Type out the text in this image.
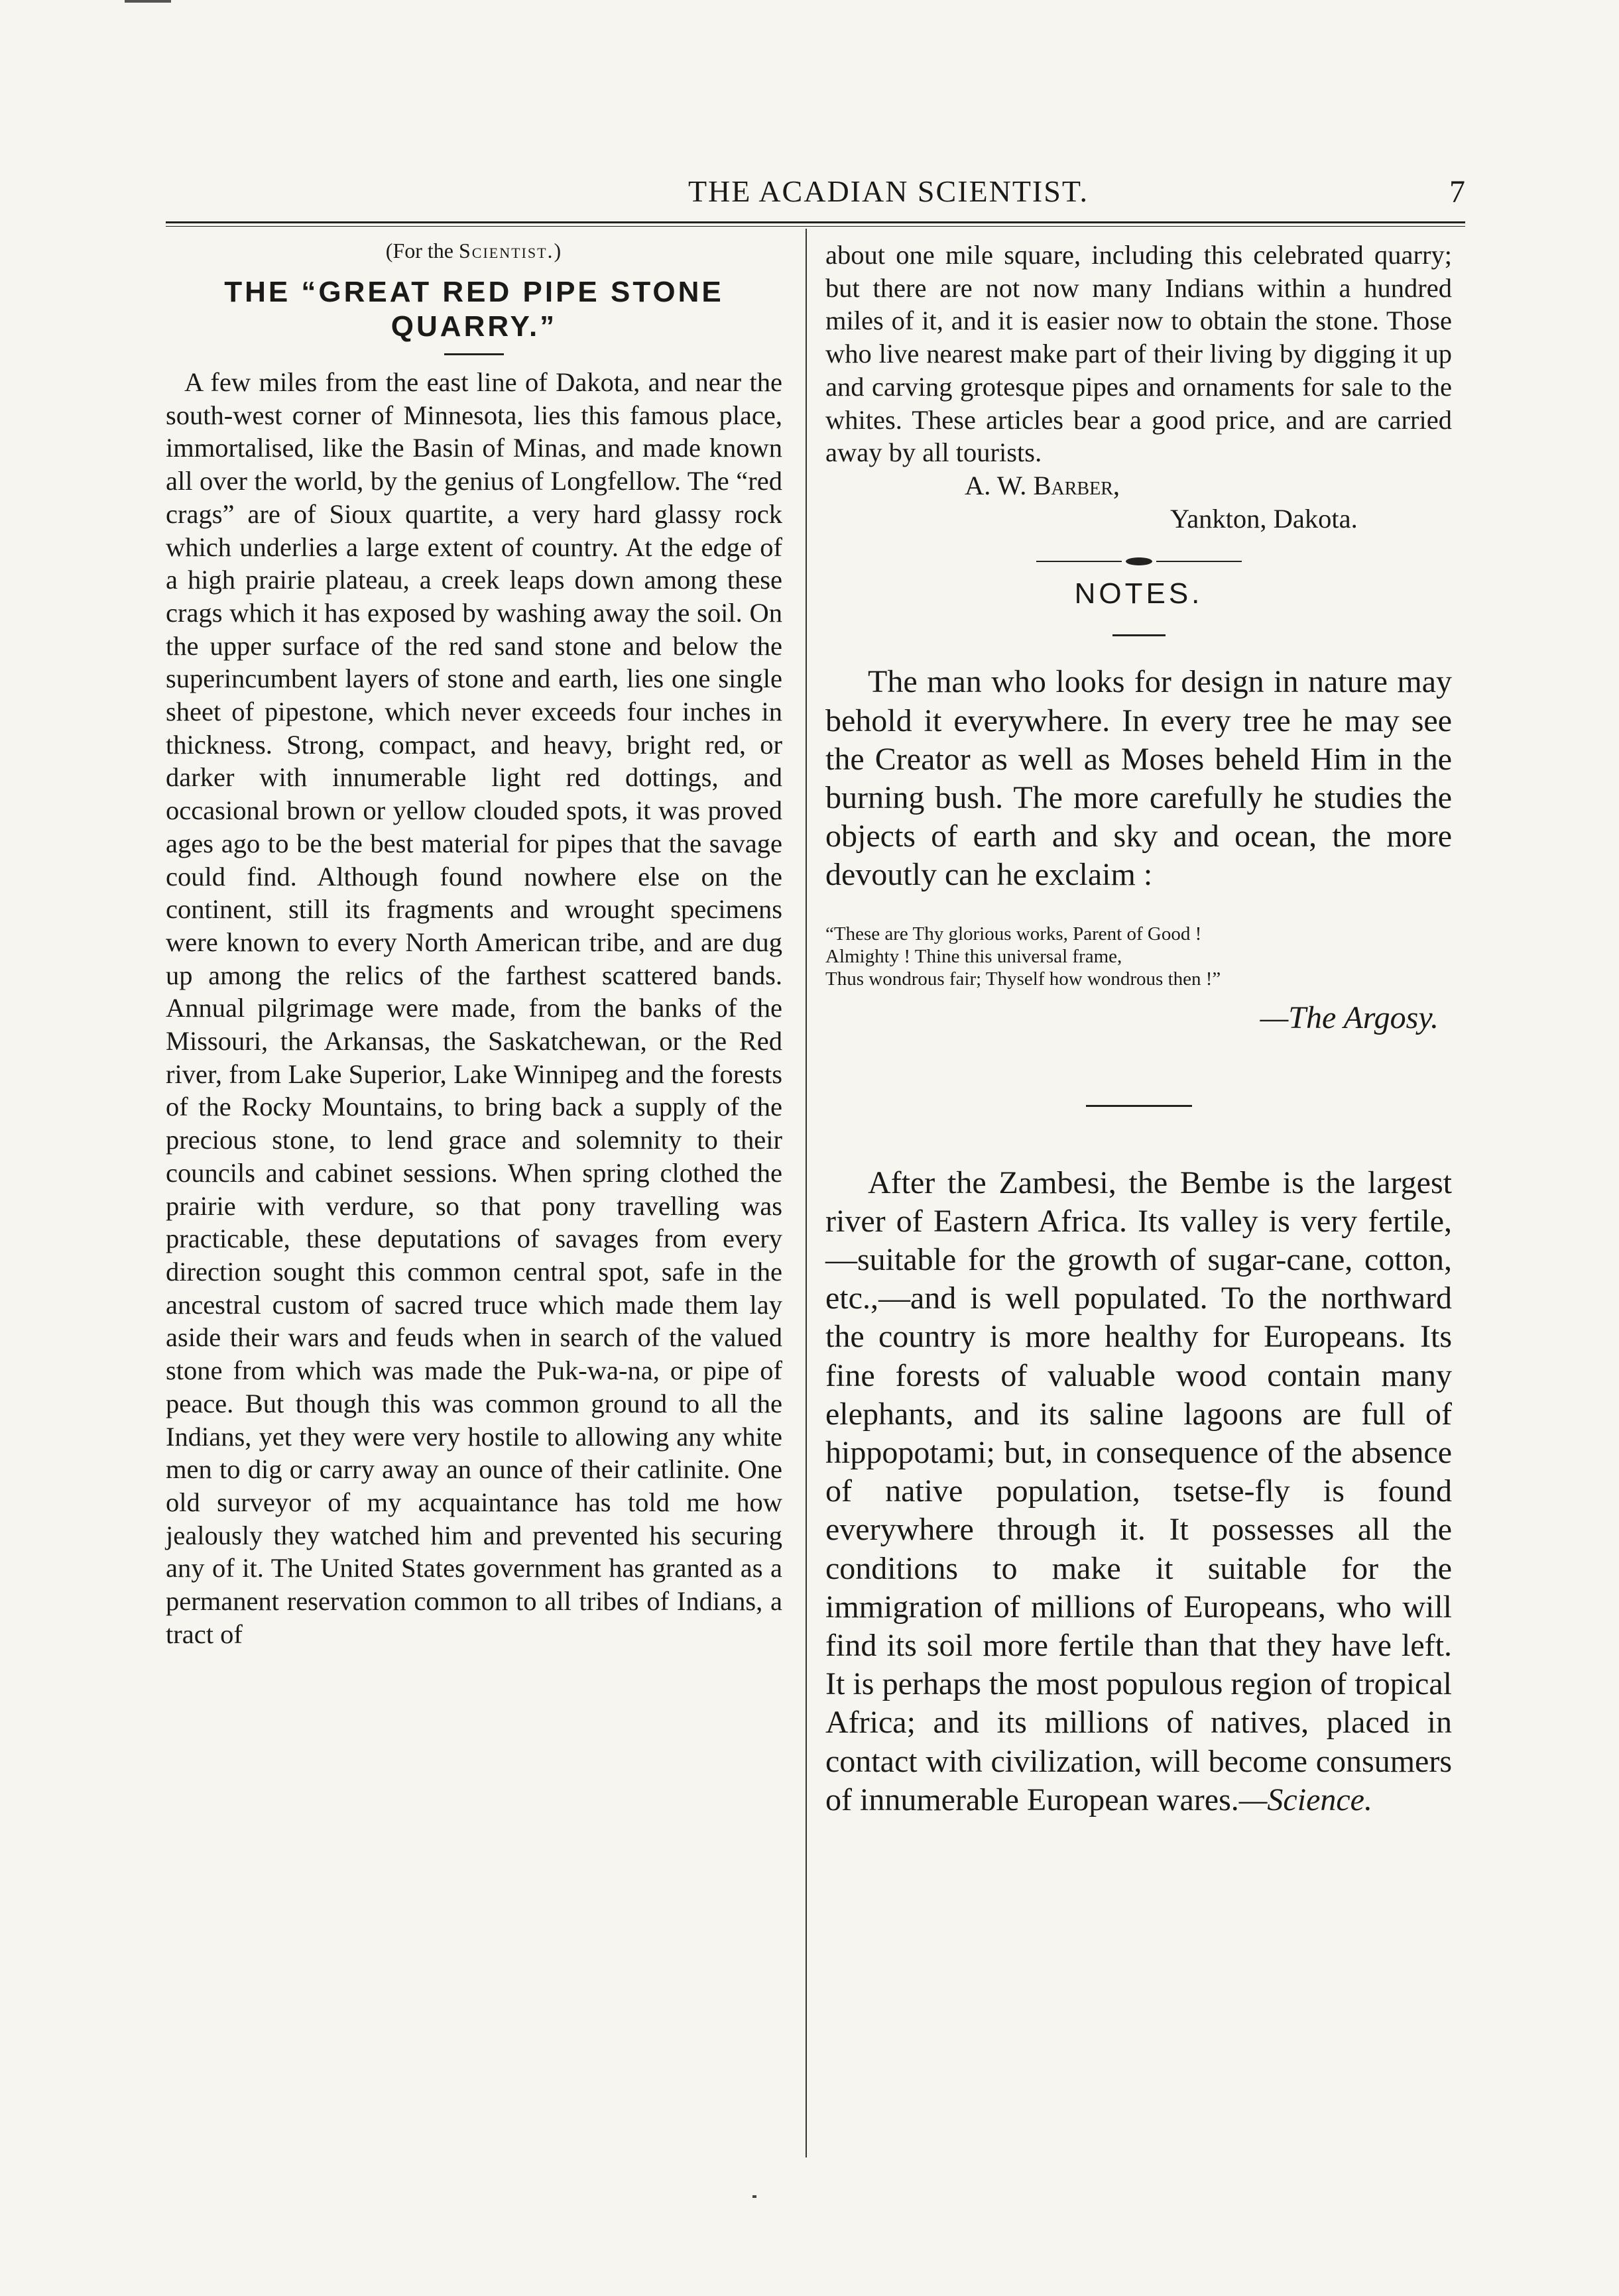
THE ACADIAN SCIENTIST.	7
(For the Scientist.)
THE “GREAT RED PIPE STONE
QUARRY.”

A few miles from the east line of Dakota, and near the south-west corner of Minnesota, lies this famous place, immortalised, like the Basin of Minas, and made known all over the world, by the genius of Longfellow. The “red crags” are of Sioux quartite, a very hard glassy rock which underlies a large extent of country. At the edge of a high prairie plateau, a creek leaps down among these crags which it has exposed by washing away the soil. On the upper surface of the red sand stone and below the superincumbent layers of stone and earth, lies one single sheet of pipestone, which never exceeds four inches in thickness. Strong, compact, and heavy, bright red, or darker with innumerable light red dottings, and occasional brown or yellow clouded spots, it was proved ages ago to be the best material for pipes that the savage could find. Although found nowhere else on the continent, still its fragments and wrought specimens were known to every North American tribe, and are dug up among the relics of the farthest scattered bands. Annual pilgrimage were made, from the banks of the Missouri, the Arkansas, the Saskatchewan, or the Red river, from Lake Superior, Lake Winnipeg and the forests of the Rocky Mountains, to bring back a supply of the precious stone, to lend grace and solemnity to their councils and cabinet sessions. When spring clothed the prairie with verdure, so that pony travelling was practicable, these deputations of savages from every direction sought this common central spot, safe in the ancestral custom of sacred truce which made them lay aside their wars and feuds when in search of the valued stone from which was made the Puk-wa-na, or pipe of peace. But though this was common ground to all the Indians, yet they were very hostile to allowing any white men to dig or carry away an ounce of their catlinite. One old surveyor of my acquaintance has told me how jealously they watched him and prevented his securing any of it. The United States government has granted as a permanent reservation common to all tribes of Indians, a tract of

about one mile square, including this celebrated quarry; but there are not now many Indians within a hundred miles of it, and it is easier now to obtain the stone. Those who live nearest make part of their living by digging it up and carving grotesque pipes and ornaments for sale to the whites. These articles bear a good price, and are carried away by all tourists.

A. W. Barber,
Yankton, Dakota.
NOTES.

The man who looks for design in nature may behold it everywhere. In every tree he may see the Creator as well as Moses beheld Him in the burning bush. The more carefully he studies the objects of earth and sky and ocean, the more devoutly can he exclaim :

“These are Thy glorious works, Parent of Good !
Almighty ! Thine this universal frame,
Thus wondrous fair; Thyself how wondrous then !”
—The Argosy.

After the Zambesi, the Bembe is the largest river of Eastern Africa. Its valley is very fertile,—suitable for the growth of sugar-cane, cotton, etc.,—and is well populated. To the northward the country is more healthy for Europeans. Its fine forests of valuable wood contain many elephants, and its saline lagoons are full of hippopotami; but, in consequence of the absence of native population, tsetse-fly is found everywhere through it. It possesses all the conditions to make it suitable for the immigration of millions of Europeans, who will find its soil more fertile than that they have left. It is perhaps the most populous region of tropical Africa; and its millions of natives, placed in contact with civilization, will become consumers of innumerable European wares.—Science.
